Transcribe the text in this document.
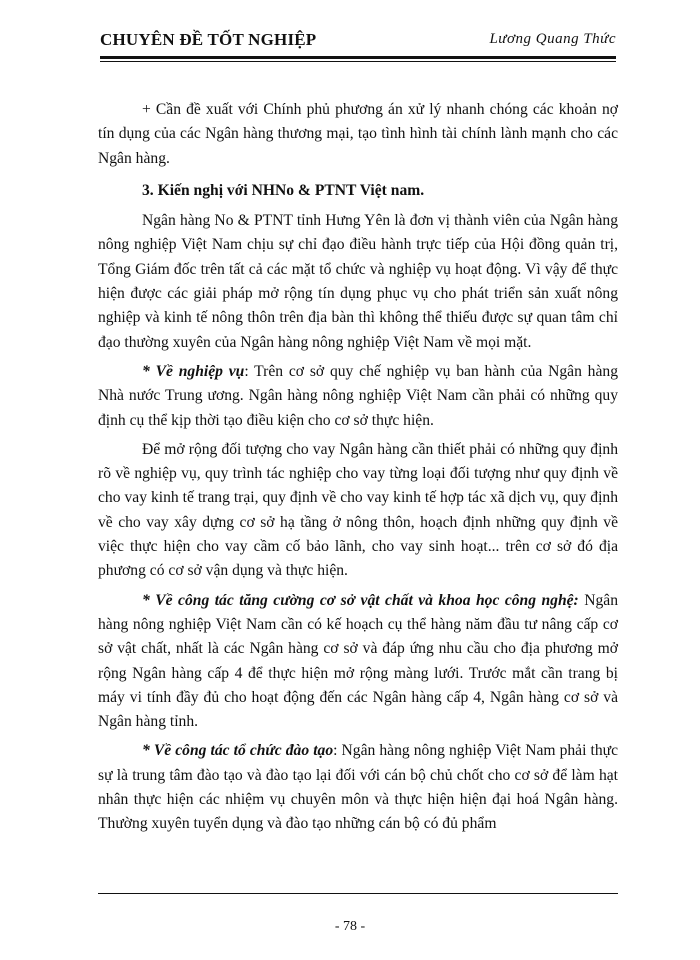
CHUYÊN ĐỀ TỐT NGHIỆP	Lương Quang Thức

+ Cần đề xuất với Chính phủ phương án xử lý nhanh chóng các khoản nợ tín dụng của các Ngân hàng thương mại, tạo tình hình tài chính lành mạnh cho các Ngân hàng.

3. Kiến nghị với NHNo & PTNT Việt nam.

Ngân hàng No & PTNT tỉnh Hưng Yên là đơn vị thành viên của Ngân hàng nông nghiệp Việt Nam chịu sự chỉ đạo điều hành trực tiếp của Hội đồng quản trị, Tổng Giám đốc trên tất cả các mặt tổ chức và nghiệp vụ hoạt động. Vì vậy để thực hiện được các giải pháp mở rộng tín dụng phục vụ cho phát triển sản xuất nông nghiệp và kinh tế nông thôn trên địa bàn thì không thể thiếu được sự quan tâm chỉ đạo thường xuyên của Ngân hàng nông nghiệp Việt Nam về mọi mặt.

* Về nghiệp vụ: Trên cơ sở quy chế nghiệp vụ ban hành của Ngân hàng Nhà nước Trung ương. Ngân hàng nông nghiệp Việt Nam cần phải có những quy định cụ thể kịp thời tạo điều kiện cho cơ sở thực hiện.

Để mở rộng đối tượng cho vay Ngân hàng cần thiết phải có những quy định rõ về nghiệp vụ, quy trình tác nghiệp cho vay từng loại đối tượng như quy định về cho vay kinh tế trang trại, quy định về cho vay kinh tế hợp tác xã dịch vụ, quy định về cho vay xây dựng cơ sở hạ tầng ở nông thôn, hoạch định những quy định về việc thực hiện cho vay cầm cố bảo lãnh, cho vay sinh hoạt... trên cơ sở đó địa phương có cơ sở vận dụng và thực hiện.

* Về công tác tăng cường cơ sở vật chất và khoa học công nghệ: Ngân hàng nông nghiệp Việt Nam cần có kế hoạch cụ thể hàng năm đầu tư nâng cấp cơ sở vật chất, nhất là các Ngân hàng cơ sở và đáp ứng nhu cầu cho địa phương mở rộng Ngân hàng cấp 4 để thực hiện mở rộng màng lưới. Trước mắt cần trang bị máy vi tính đầy đủ cho hoạt động đến các Ngân hàng cấp 4, Ngân hàng cơ sở và Ngân hàng tỉnh.

* Về công tác tổ chức đào tạo: Ngân hàng nông nghiệp Việt Nam phải thực sự là trung tâm đào tạo và đào tạo lại đối với cán bộ chủ chốt cho cơ sở để làm hạt nhân thực hiện các nhiệm vụ chuyên môn và thực hiện hiện đại hoá Ngân hàng. Thường xuyên tuyển dụng và đào tạo những cán bộ có đủ phẩm

- 78 -
